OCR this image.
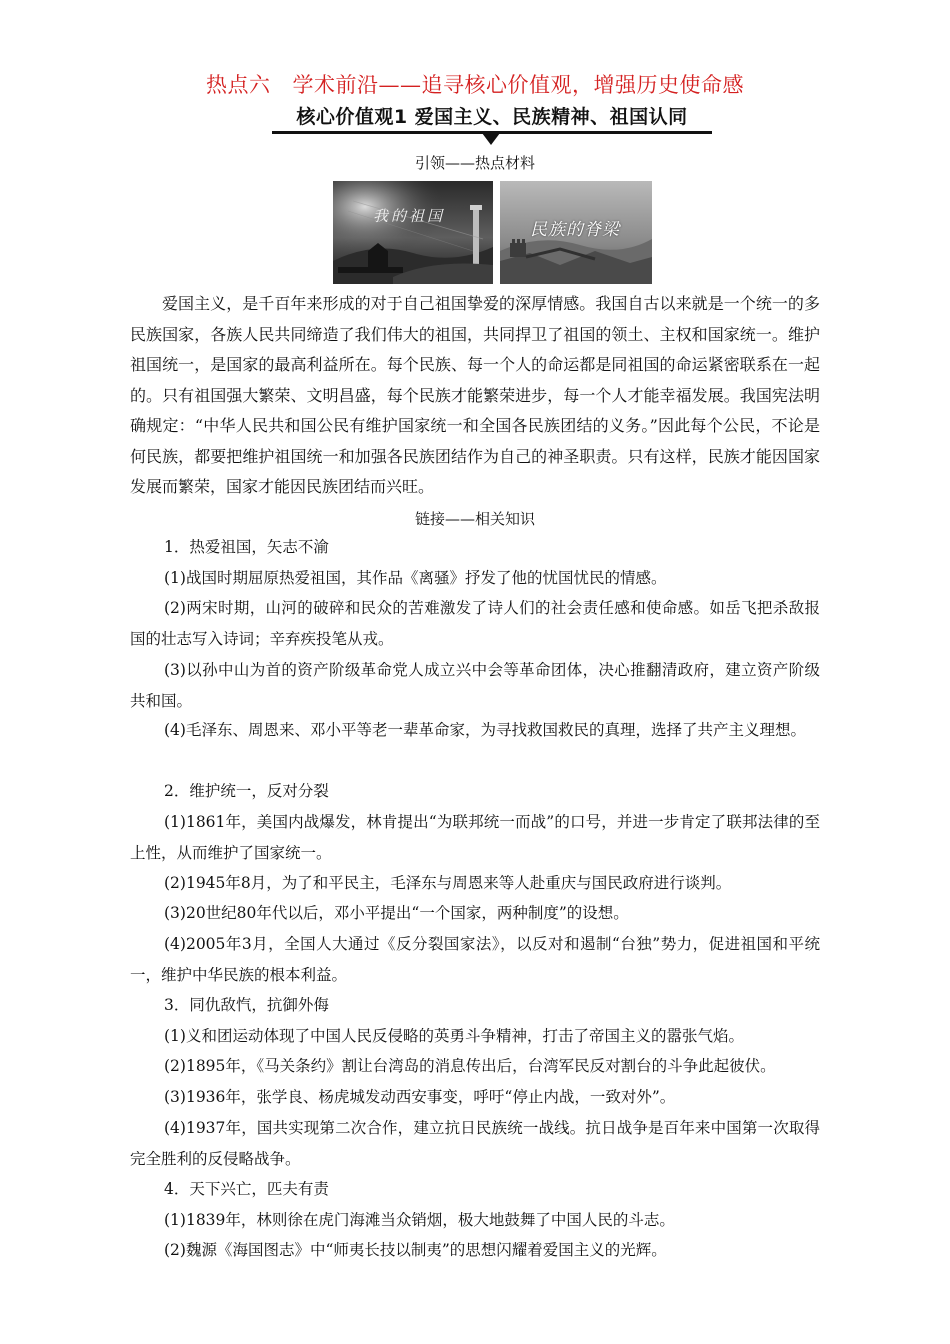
热点六 学术前沿——追寻核心价值观，增强历史使命感
核心价值观1 爱国主义、民族精神、祖国认同
引领——热点材料
我的祖国
民族的脊梁

爱国主义，是千百年来形成的对于自己祖国挚爱的深厚情感。我国自古以来就是一个统一的多民族国家，各族人民共同缔造了我们伟大的祖国，共同捍卫了祖国的领土、主权和国家统一。维护祖国统一，是国家的最高利益所在。每个民族、每一个人的命运都是同祖国的命运紧密联系在一起的。只有祖国强大繁荣、文明昌盛，每个民族才能繁荣进步，每一个人才能幸福发展。我国宪法明确规定：“中华人民共和国公民有维护国家统一和全国各民族团结的义务。”因此每个公民，不论是何民族，都要把维护祖国统一和加强各民族团结作为自己的神圣职责。只有这样，民族才能因国家发展而繁荣，国家才能因民族团结而兴旺。

链接——相关知识

1．热爱祖国，矢志不渝

(1)战国时期屈原热爱祖国，其作品《离骚》抒发了他的忧国忧民的情感。

(2)两宋时期，山河的破碎和民众的苦难激发了诗人们的社会责任感和使命感。如岳飞把杀敌报国的壮志写入诗词；辛弃疾投笔从戎。

(3)以孙中山为首的资产阶级革命党人成立兴中会等革命团体，决心推翻清政府，建立资产阶级共和国。

(4)毛泽东、周恩来、邓小平等老一辈革命家，为寻找救国救民的真理，选择了共产主义理想。

2．维护统一，反对分裂

(1)1861年，美国内战爆发，林肯提出“为联邦统一而战”的口号，并进一步肯定了联邦法律的至上性，从而维护了国家统一。

(2)1945年8月，为了和平民主，毛泽东与周恩来等人赴重庆与国民政府进行谈判。

(3)20世纪80年代以后，邓小平提出“一个国家，两种制度”的设想。

(4)2005年3月，全国人大通过《反分裂国家法》，以反对和遏制“台独”势力，促进祖国和平统一，维护中华民族的根本利益。

3．同仇敌忾，抗御外侮

(1)义和团运动体现了中国人民反侵略的英勇斗争精神，打击了帝国主义的嚣张气焰。

(2)1895年，《马关条约》割让台湾岛的消息传出后，台湾军民反对割台的斗争此起彼伏。

(3)1936年，张学良、杨虎城发动西安事变，呼吁“停止内战，一致对外”。

(4)1937年，国共实现第二次合作，建立抗日民族统一战线。抗日战争是百年来中国第一次取得完全胜利的反侵略战争。

4．天下兴亡，匹夫有责

(1)1839年，林则徐在虎门海滩当众销烟，极大地鼓舞了中国人民的斗志。

(2)魏源《海国图志》中“师夷长技以制夷”的思想闪耀着爱国主义的光辉。
